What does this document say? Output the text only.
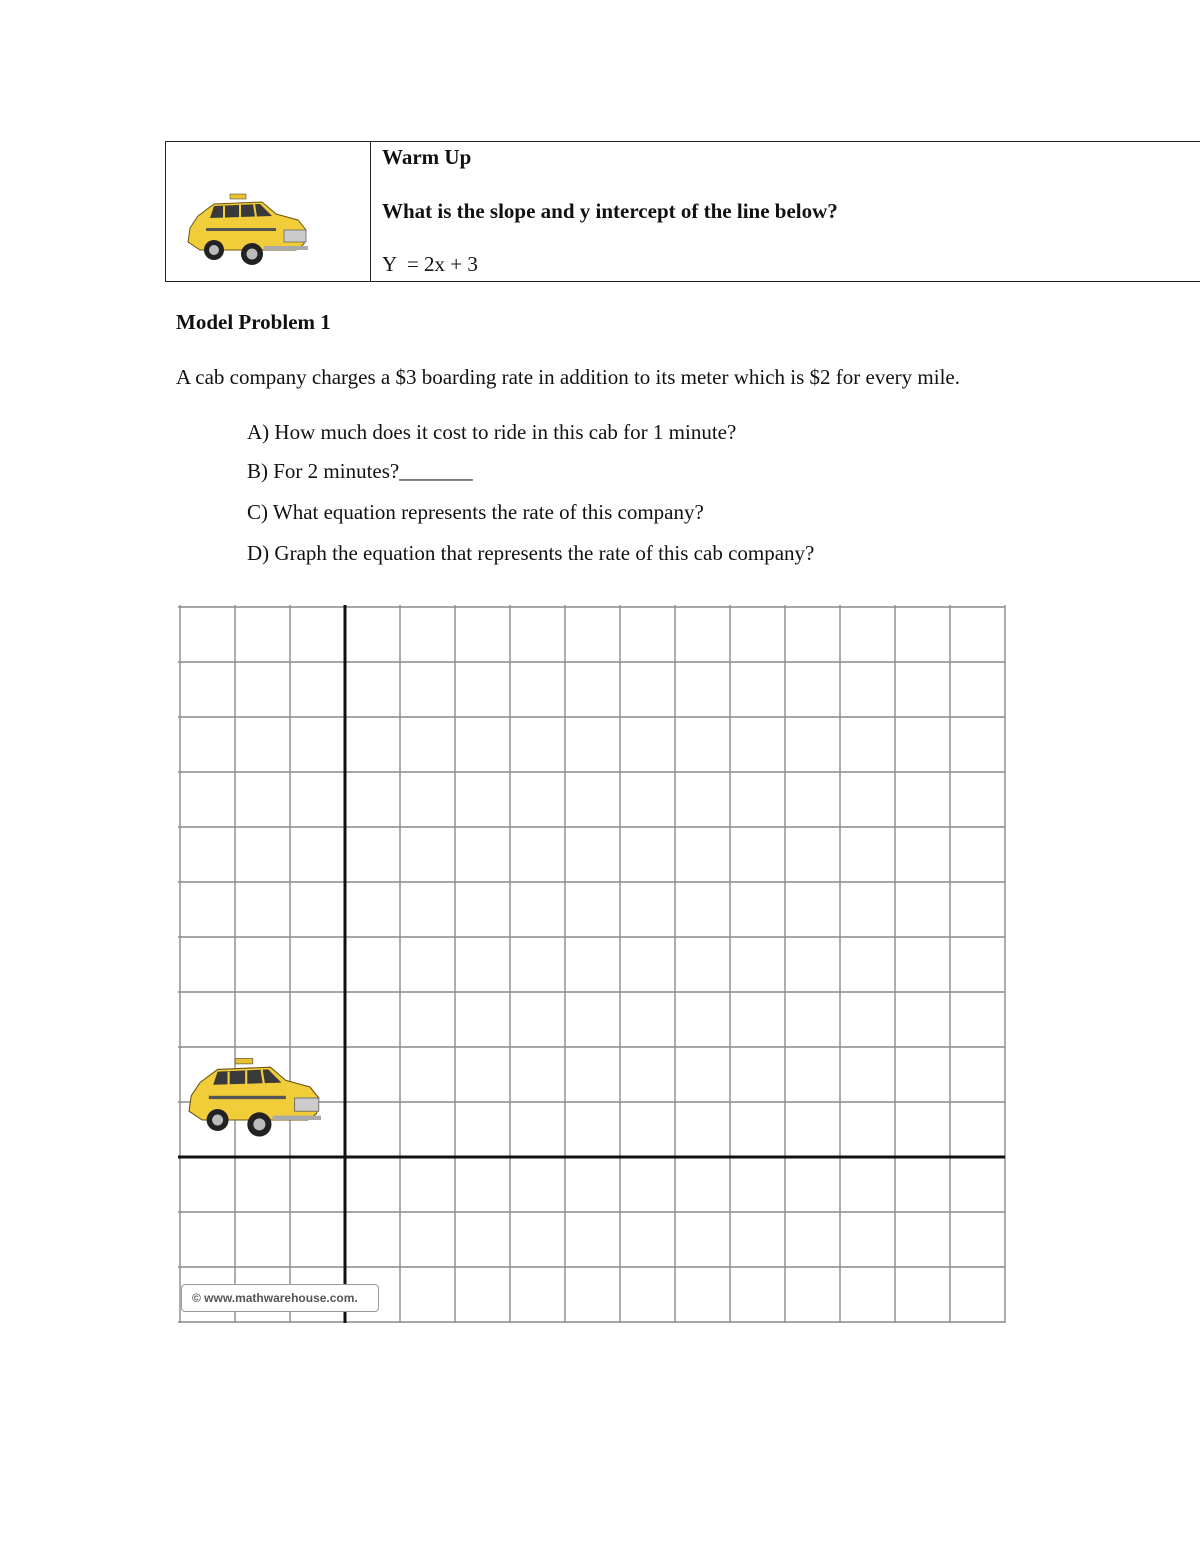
Warm Up
What is the slope and y intercept of the line below?
Y  = 2x + 3
Model Problem 1
A cab company charges a $3 boarding rate in addition to its meter which is $2 for every mile.
A) How much does it cost to ride in this cab for 1 minute?
B) For 2 minutes?_______
C) What equation represents the rate of this company?
D) Graph the equation that represents the rate of this cab company?
© www.mathwarehouse.com.
